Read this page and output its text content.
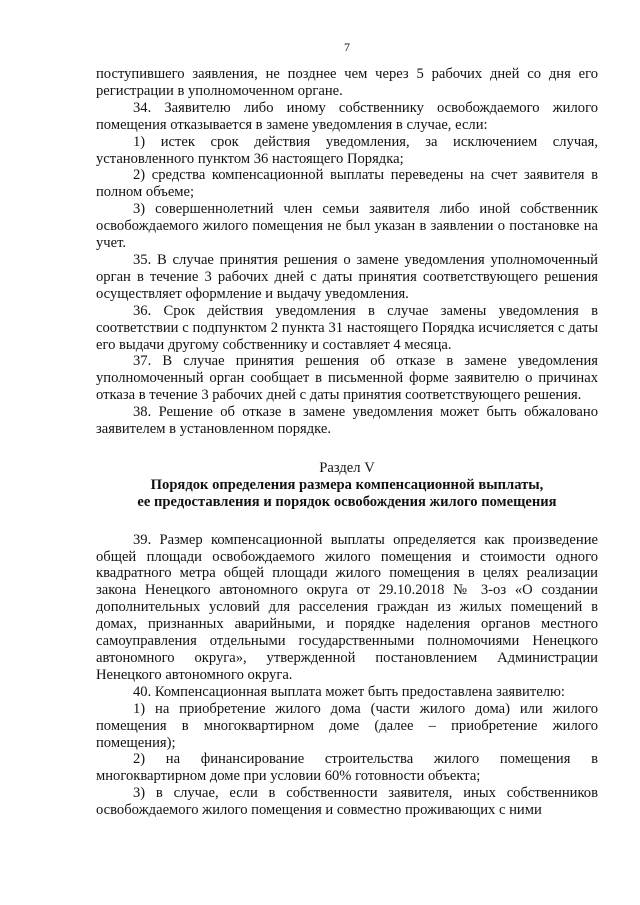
7

поступившего заявления, не позднее чем через 5 рабочих дней со дня его регистрации в уполномоченном органе.

34. Заявителю либо иному собственнику освобождаемого жилого помещения отказывается в замене уведомления в случае, если:

1) истек срок действия уведомления, за исключением случая, установленного пунктом 36 настоящего Порядка;

2) средства компенсационной выплаты переведены на счет заявителя в полном объеме;

3) совершеннолетний член семьи заявителя либо иной собственник освобождаемого жилого помещения не был указан в заявлении о постановке на учет.

35. В случае принятия решения о замене уведомления уполномоченный орган в течение 3 рабочих дней с даты принятия соответствующего решения осуществляет оформление и выдачу уведомления.

36. Срок действия уведомления в случае замены уведомления в соответствии с подпунктом 2 пункта 31 настоящего Порядка исчисляется с даты его выдачи другому собственнику и составляет 4 месяца.

37. В случае принятия решения об отказе в замене уведомления уполномоченный орган сообщает в письменной форме заявителю о причинах отказа в течение 3 рабочих дней с даты принятия соответствующего решения.

38. Решение об отказе в замене уведомления может быть обжаловано заявителем в установленном порядке.

Раздел V
Порядок определения размера компенсационной выплаты,
ее предоставления и порядок освобождения жилого помещения

39. Размер компенсационной выплаты определяется как произведение общей площади освобождаемого жилого помещения и стоимости одного квадратного метра общей площади жилого помещения в целях реализации закона Ненецкого автономного округа от 29.10.2018 № 3-оз «О создании дополнительных условий для расселения граждан из жилых помещений в домах, признанных аварийными, и порядке наделения органов местного самоуправления отдельными государственными полномочиями Ненецкого автономного округа», утвержденной постановлением Администрации Ненецкого автономного округа.

40. Компенсационная выплата может быть предоставлена заявителю:

1) на приобретение жилого дома (части жилого дома) или жилого помещения в многоквартирном доме (далее – приобретение жилого помещения);

2) на финансирование строительства жилого помещения в многоквартирном доме при условии 60% готовности объекта;

3) в случае, если в собственности заявителя, иных собственников освобождаемого жилого помещения и совместно проживающих с ними
